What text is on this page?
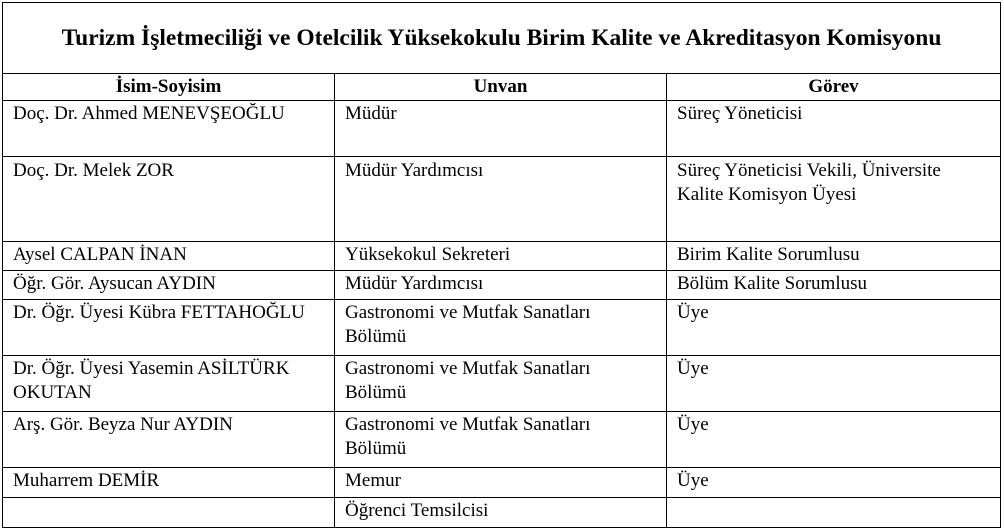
Turizm İşletmeciliği ve Otelcilik Yüksekokulu Birim Kalite ve Akreditasyon Komisyonu		
İsim-Soyisim	Unvan	Görev
Doç. Dr. Ahmed MENEVŞEOĞLU	Müdür	Süreç Yöneticisi
Doç. Dr. Melek ZOR	Müdür Yardımcısı	Süreç Yöneticisi Vekili, Üniversite Kalite Komisyon Üyesi
Aysel CALPAN İNAN	Yüksekokul Sekreteri	Birim Kalite Sorumlusu
Öğr. Gör. Aysucan AYDIN	Müdür Yardımcısı	Bölüm Kalite Sorumlusu
Dr. Öğr. Üyesi Kübra FETTAHOĞLU	Gastronomi ve Mutfak Sanatları Bölümü	Üye
Dr. Öğr. Üyesi Yasemin ASİLTÜRK OKUTAN	Gastronomi ve Mutfak Sanatları Bölümü	Üye
Arş. Gör. Beyza Nur AYDIN	Gastronomi ve Mutfak Sanatları Bölümü	Üye
Muharrem DEMİR	Memur	Üye
	Öğrenci Temsilcisi	
